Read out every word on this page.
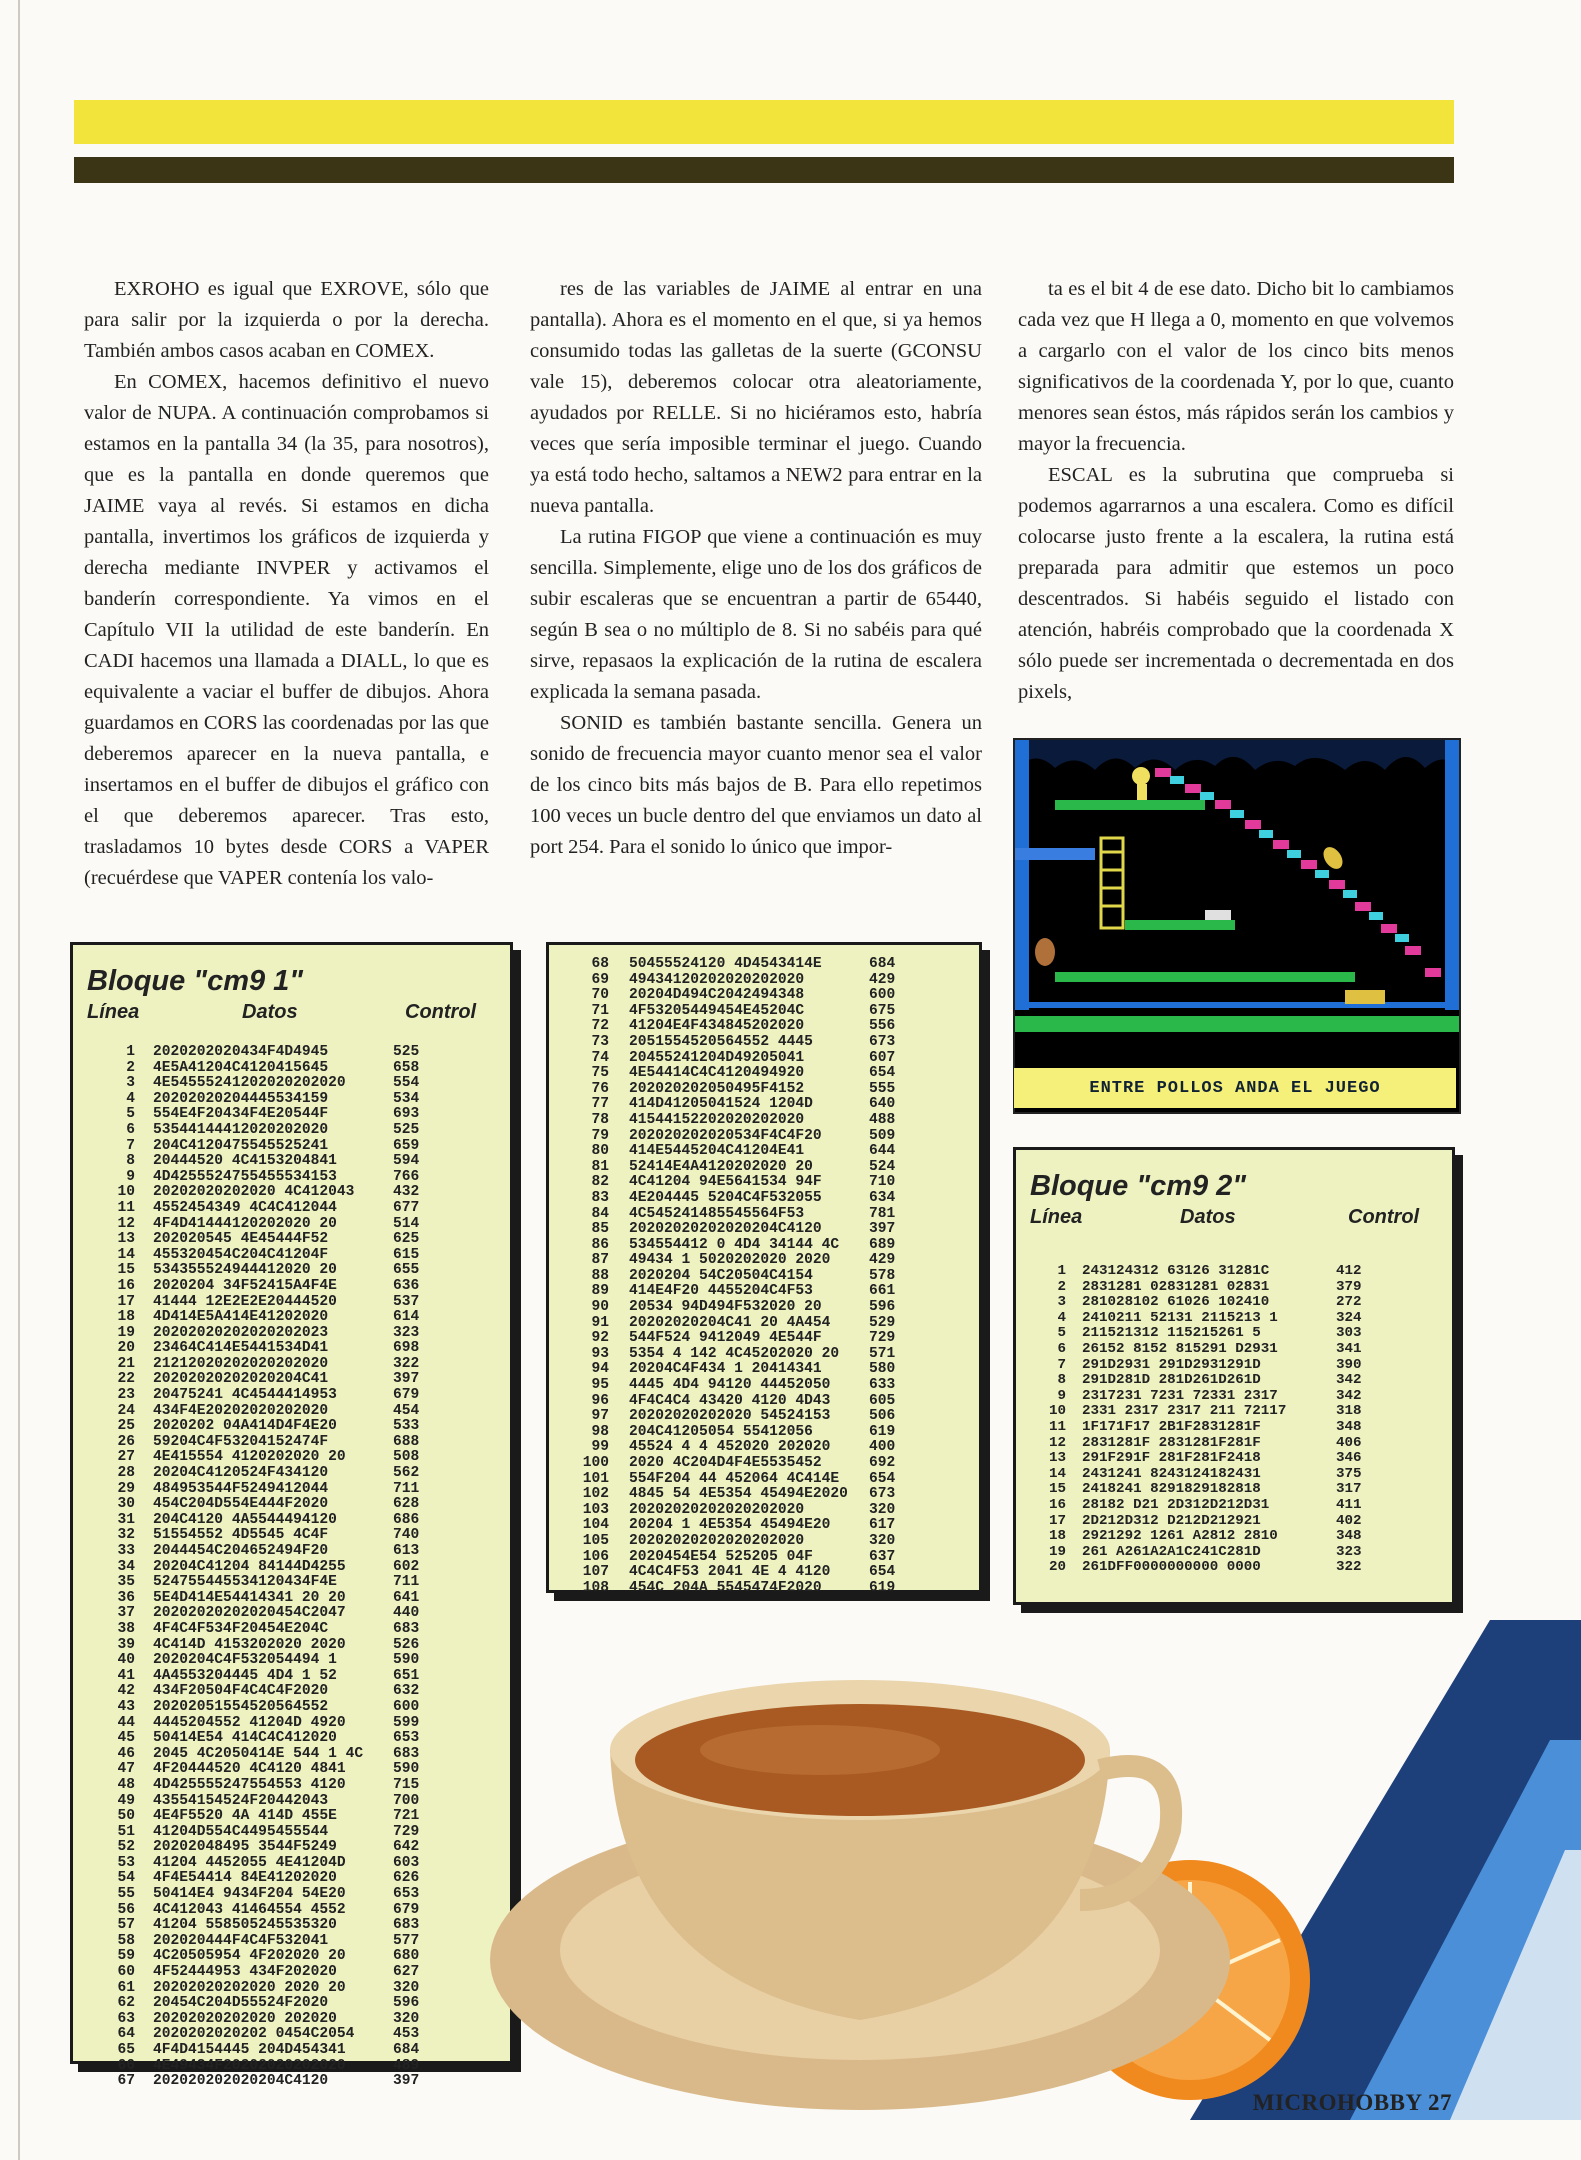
EXROHO es igual que EXROVE, sólo que para salir por la izquierda o por la derecha. También ambos casos acaban en COMEX.

En COMEX, hacemos definitivo el nuevo valor de NUPA. A continuación comprobamos si estamos en la pantalla 34 (la 35, para nosotros), que es la pantalla en donde queremos que JAIME vaya al revés. Si estamos en dicha pantalla, invertimos los gráficos de izquierda y derecha mediante INVPER y activamos el banderín correspondiente. Ya vimos en el Capítulo VII la utilidad de este banderín. En CADI hacemos una llamada a DIALL, lo que es equivalente a vaciar el buffer de dibujos. Ahora guardamos en CORS las coordenadas por las que deberemos aparecer en la nueva pantalla, e insertamos en el buffer de dibujos el gráfico con el que deberemos aparecer. Tras esto, trasladamos 10 bytes desde CORS a VAPER (recuérdese que VAPER contenía los valo-

res de las variables de JAIME al entrar en una pantalla). Ahora es el momento en el que, si ya hemos consumido todas las galletas de la suerte (GCONSU vale 15), deberemos colocar otra aleatoriamente, ayudados por RELLE. Si no hiciéramos esto, habría veces que sería imposible terminar el juego. Cuando ya está todo hecho, saltamos a NEW2 para entrar en la nueva pantalla.

La rutina FIGOP que viene a continuación es muy sencilla. Simplemente, elige uno de los dos gráficos de subir escaleras que se encuentran a partir de 65440, según B sea o no múltiplo de 8. Si no sabéis para qué sirve, repasaos la explicación de la rutina de escalera explicada la semana pasada.

SONID es también bastante sencilla. Genera un sonido de frecuencia mayor cuanto menor sea el valor de los cinco bits más bajos de B. Para ello repetimos 100 veces un bucle dentro del que enviamos un dato al port 254. Para el sonido lo único que impor-

ta es el bit 4 de ese dato. Dicho bit lo cambiamos cada vez que H llega a 0, momento en que volvemos a cargarlo con el valor de los cinco bits menos significativos de la coordenada Y, por lo que, cuanto menores sean éstos, más rápidos serán los cambios y mayor la frecuencia.

ESCAL es la subrutina que comprueba si podemos agarrarnos a una escalera. Como es difícil colocarse justo frente a la escalera, la rutina está preparada para admitir que estemos un poco descentrados. Si habéis seguido el listado con atención, habréis comprobado que la coordenada X sólo puede ser incrementada o decrementada en dos pixels,

ENTRE POLLOS ANDA EL JUEGO
Bloque "cm9 1"
Línea	Datos	Control
1 2020202020434F4D4945	525
2 4E5A41204C4120415645	658
3 4E54555241202020202020	554
4 20202020204445534159	534
5 554E4F20434F4E20544F	693
6 53544144412020202020	525
7 204C4120475545525241	659
8 20444520 4C4153204841	594
9 4D4255524755455534153	766
10 20202020202020 4C412043	432
11 4552454349 4C4C412044	677
12 4F4D41444120202020 20	514
13 202020545 4E45444F52	625
14 455320454C204C41204F	615
15 534355524944412020 20	655
16 2020204 34F52415A4F4E	636
17 41444 12E2E2E20444520	537
18 4D414E5A414E41202020	614
19 20202020202020202023	323
20 23464C414E5441534D41	698
21 21212020202020202020	322
22 20202020202020204C41	397
23 20475241 4C4544414953	679
24 434F4E20202020202020	454
25 2020202 04A414D4F4E20	533
26 59204C4F53204152474F	688
27 4E415554 4120202020 20	508
28 20204C4120524F434120	562
29 484953544F5249412044	711
30 454C204D554E444F2020	628
31 204C4120 4A5544494120	686
32 51554552 4D5545 4C4F	740
33 2044454C204652494F20	613
34 20204C41204 84144D4255	602
35 524755445534120434F4E	711
36 5E4D414E54414341 20 20	641
37 20202020202020454C2047	440
38 4F4C4F534F20454E204C	683
39 4C414D 4153202020 2020	526
40 2020204C4F532054494 1	590
41 4A4553204445 4D4 1 52	651
42 434F20504F4C4C4F2020	632
43 20202051554520564552	600
44 4445204552 41204D 4920	599
45 50414E54 414C4C412020	653
46 2045 4C2050414E 544 1 4C	683
47 4F20444520 4C4120 4841	590
48 4D425555247554553 4120	715
49 43554154524F20442043	700
50 4E4F5520 4A 414D 455E	721
51 41204D554C4495455544	729
52 20202048495 3544F5249	642
53 41204 4452055 4E41204D	603
54 4F4E54414 84E41202020	626
55 50414E4 9434F204 54E20	653
56 4C412043 41464554 4552	679
57 41204 558505245535320	683
58 202020444F4C4F532041	577
59 4C20505954 4F202020 20	680
60 4F52444953 434F202020	627
61 20202020202020 2020 20	320
62 20454C204D55524F2020	596
63 20202020202020 202020	320
64 2020202020202 0454C2054	453
65 4F4D4154445 204D454341	684
66 4E49434F20202020202020	489
67 202020202020204C4120	397
68 50455524120 4D4543414E	684
69 49434120202020202020	429
70 20204D494C2042494348	600
71 4F53205449454E45204C	675
72 41204E4F434845202020	556
73 2051554520564552 4445	673
74 20455241204D49205041	607
75 4E54414C4C4120494920	654
76 202020202050495F4152	555
77 414D41205041524 1204D	640
78 41544152202020202020	488
79 202020202020534F4C4F20	509
80 414E5445204C41204E41	644
81 52414E4A4120202020 20	524
82 4C41204 94E5641534 94F	710
83 4E204445 5204C4F532055	634
84 4C545241485545564F53	781
85 20202020202020204C4120	397
86 534554412 0 4D4 34144 4C	689
87 49434 1 5020202020 2020	429
88 2020204 54C20504C4154	578
89 414E4F20 4455204C4F53	661
90 20534 94D494F532020 20	596
91 20202020204C41 20 4A454	529
92 544F524 9412049 4E544F	729
93 5354 4 142 4C45202020 20	571
94 20204C4F434 1 20414341	580
95 4445 4D4 94120 44452050	633
96 4F4C4C4 43420 4120 4D43	605
97 20202020202020 54524153	506
98 204C41205054 55412056	619
99 45524 4 4 452020 202020	400
100 2020 4C204D4F4E5535452	692
101 554F204 44 452064 4C414E	654
102 4845 54 4E5354 45494E2020	673
103 20202020202020202020	320
104 20204 1 4E5354 45494E20	617
105 20202020202020202020	320
106 2020454E54 525205 04F	637
107 4C4C4F53 2041 4E 4 4120	654
108 454C 204A 5545474F2020	619
Bloque "cm9 2"
Línea	Datos	Control
1 243124312 63126 31281C	412
2 2831281 02831281 02831	379
3 281028102 61026 102410	272
4 2410211 52131 2115213 1	324
5 211521312 115215261 5	303
6 26152 8152 815291 D2931	341
7 291D2931 291D2931291D	390
8 291D281D 281D261D261D	342
9 2317231 7231 72331 2317	342
10 2331 2317 2317 211 72117	318
11 1F171F17 2B1F2831281F	348
12 2831281F 2831281F281F	406
13 291F291F 281F281F2418	346
14 2431241 8243124182431	375
15 2418241 8291829182818	317
16 28182 D21 2D312D212D31	411
17 2D212D312 D212D212921	402
18 2921292 1261 A2812 2810	348
19 261 A261A2A1C241C281D	323
20 261DFF0000000000 0000	322
MICROHOBBY 27
